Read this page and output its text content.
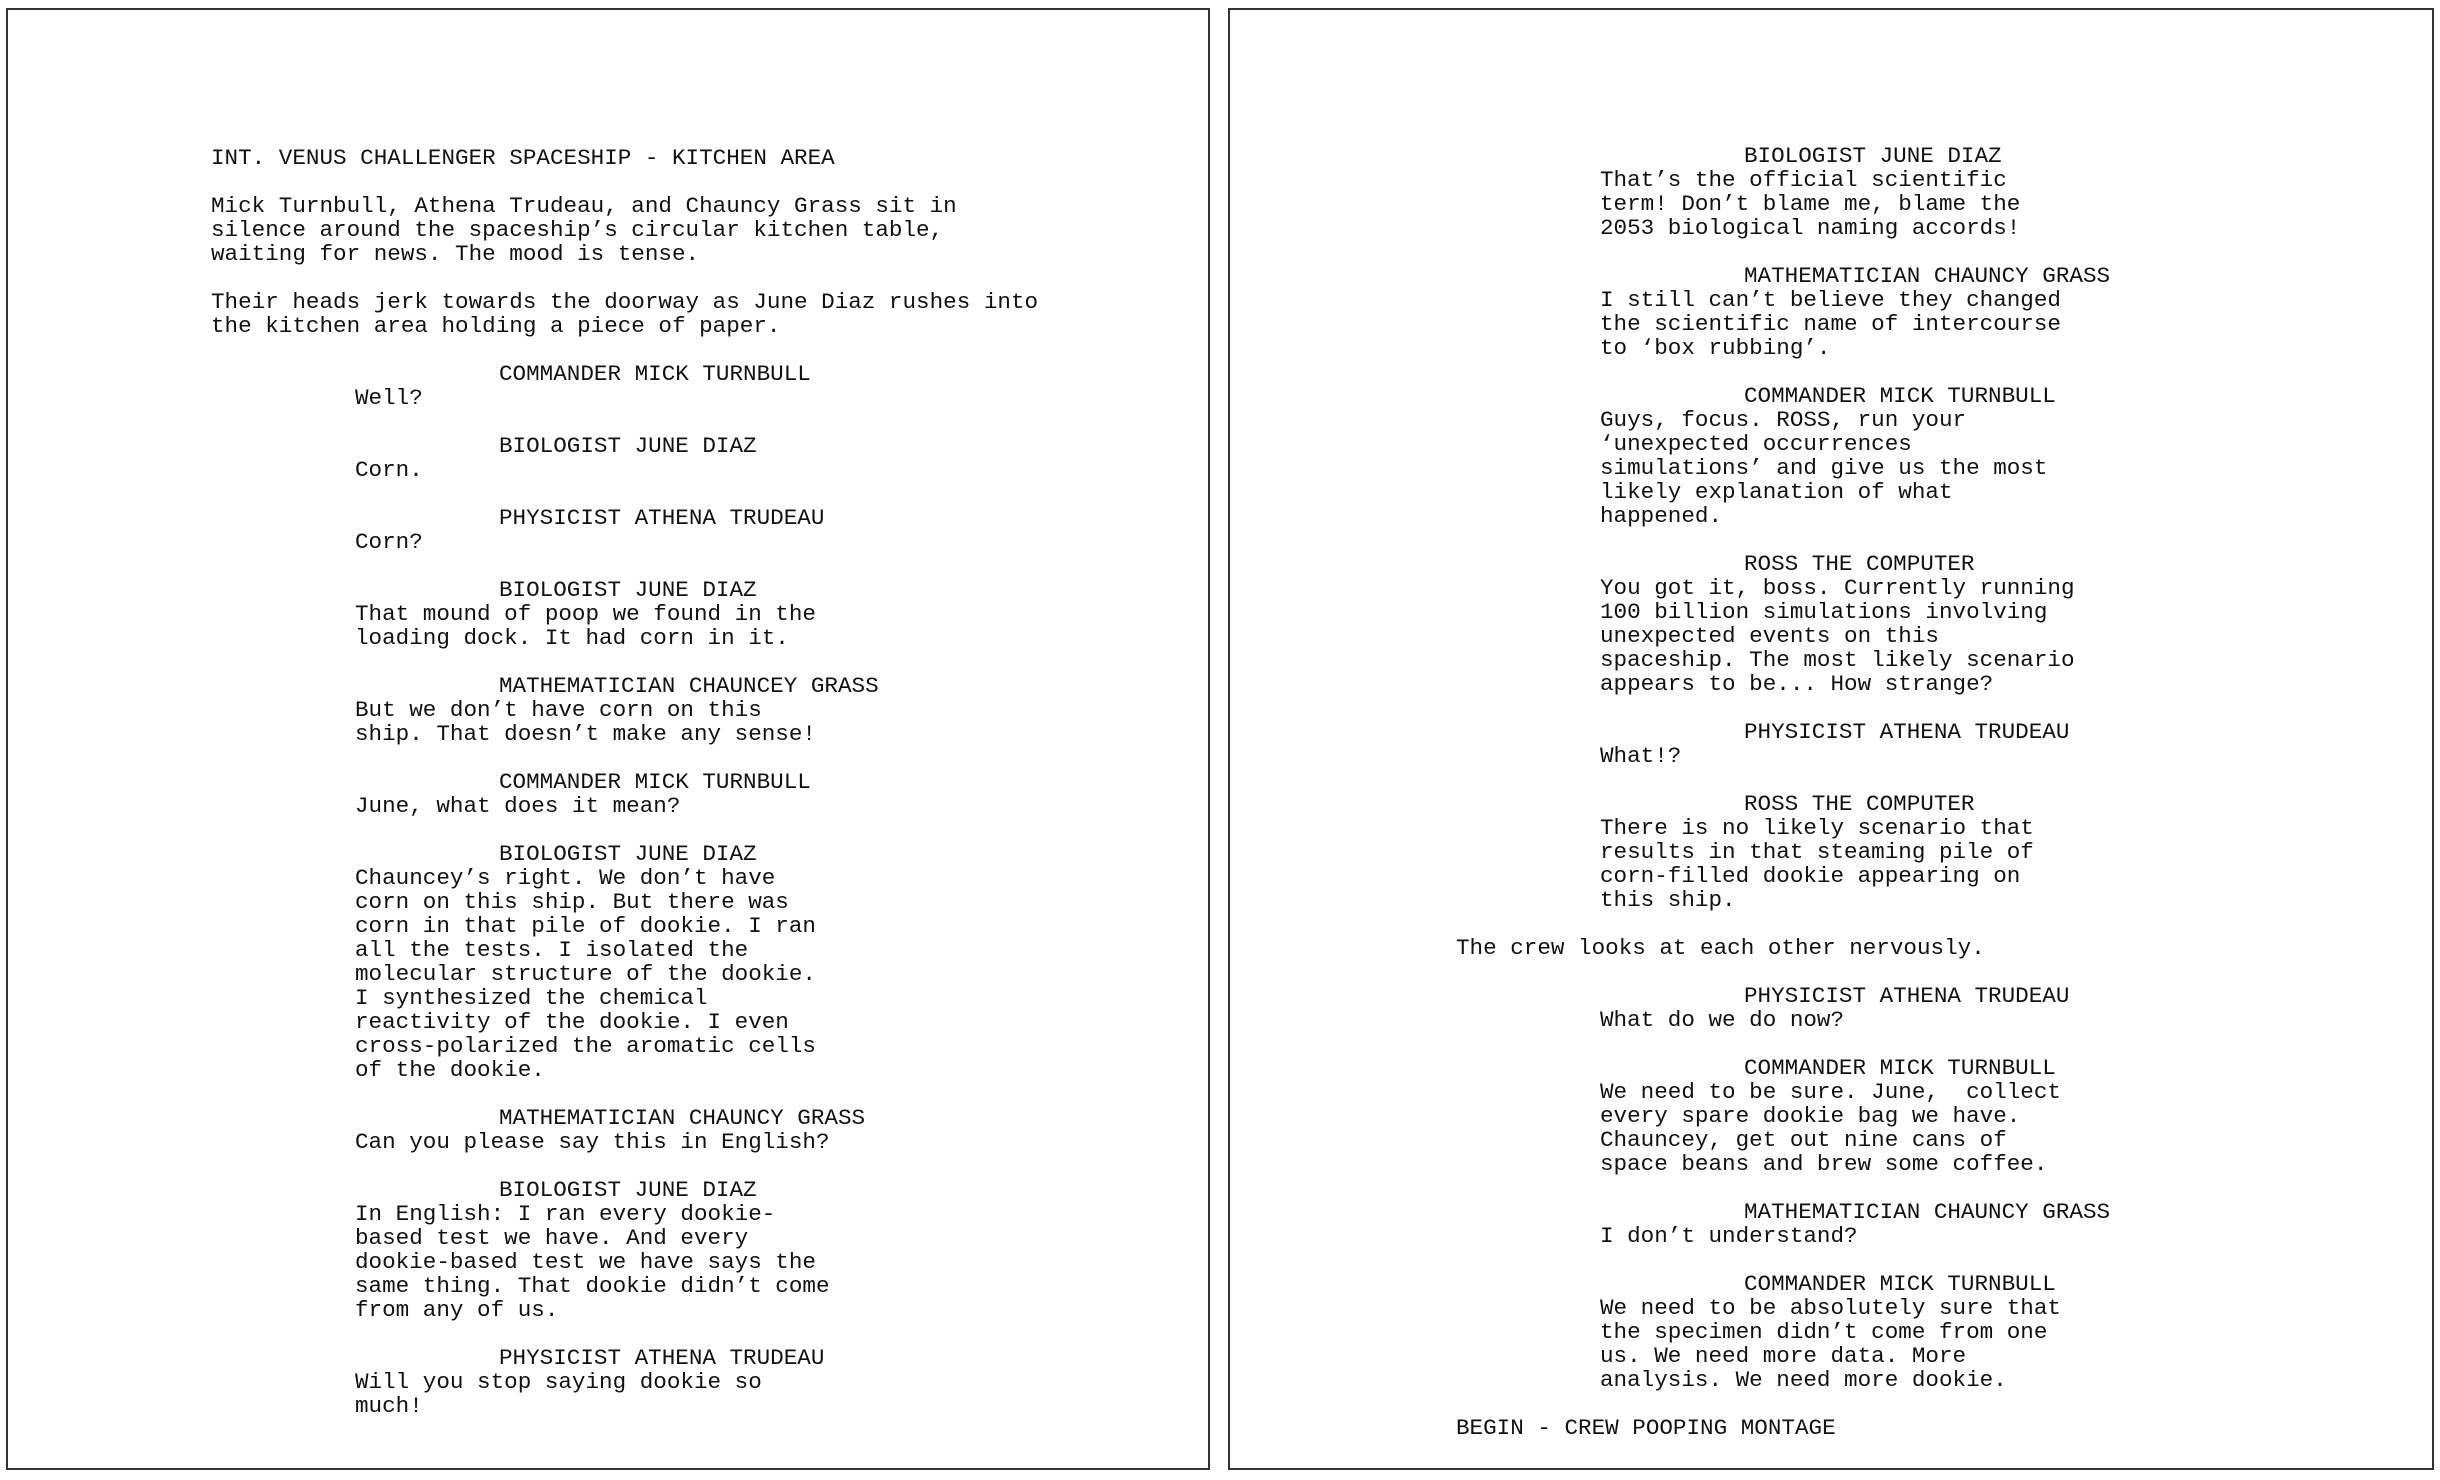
INT. VENUS CHALLENGER SPACESHIP - KITCHEN AREA
Mick Turnbull, Athena Trudeau, and Chauncy Grass sit in
silence around the spaceship’s circular kitchen table,
waiting for news. The mood is tense.
Their heads jerk towards the doorway as June Diaz rushes into
the kitchen area holding a piece of paper.
COMMANDER MICK TURNBULL
Well?
BIOLOGIST JUNE DIAZ
Corn.
PHYSICIST ATHENA TRUDEAU
Corn?
BIOLOGIST JUNE DIAZ
That mound of poop we found in the
loading dock. It had corn in it.
MATHEMATICIAN CHAUNCEY GRASS
But we don’t have corn on this
ship. That doesn’t make any sense!
COMMANDER MICK TURNBULL
June, what does it mean?
BIOLOGIST JUNE DIAZ
Chauncey’s right. We don’t have
corn on this ship. But there was
corn in that pile of dookie. I ran
all the tests. I isolated the
molecular structure of the dookie.
I synthesized the chemical
reactivity of the dookie. I even
cross-polarized the aromatic cells
of the dookie.
MATHEMATICIAN CHAUNCY GRASS
Can you please say this in English?
BIOLOGIST JUNE DIAZ
In English: I ran every dookie-
based test we have. And every
dookie-based test we have says the
same thing. That dookie didn’t come
from any of us.
PHYSICIST ATHENA TRUDEAU
Will you stop saying dookie so
much!
BIOLOGIST JUNE DIAZ
That’s the official scientific
term! Don’t blame me, blame the
2053 biological naming accords!
MATHEMATICIAN CHAUNCY GRASS
I still can’t believe they changed
the scientific name of intercourse
to ‘box rubbing’.
COMMANDER MICK TURNBULL
Guys, focus. ROSS, run your
‘unexpected occurrences
simulations’ and give us the most
likely explanation of what
happened.
ROSS THE COMPUTER
You got it, boss. Currently running
100 billion simulations involving
unexpected events on this
spaceship. The most likely scenario
appears to be... How strange?
PHYSICIST ATHENA TRUDEAU
What!?
ROSS THE COMPUTER
There is no likely scenario that
results in that steaming pile of
corn-filled dookie appearing on
this ship.
The crew looks at each other nervously.
PHYSICIST ATHENA TRUDEAU
What do we do now?
COMMANDER MICK TURNBULL
We need to be sure. June,  collect
every spare dookie bag we have.
Chauncey, get out nine cans of
space beans and brew some coffee.
MATHEMATICIAN CHAUNCY GRASS
I don’t understand?
COMMANDER MICK TURNBULL
We need to be absolutely sure that
the specimen didn’t come from one
us. We need more data. More
analysis. We need more dookie.
BEGIN - CREW POOPING MONTAGE
